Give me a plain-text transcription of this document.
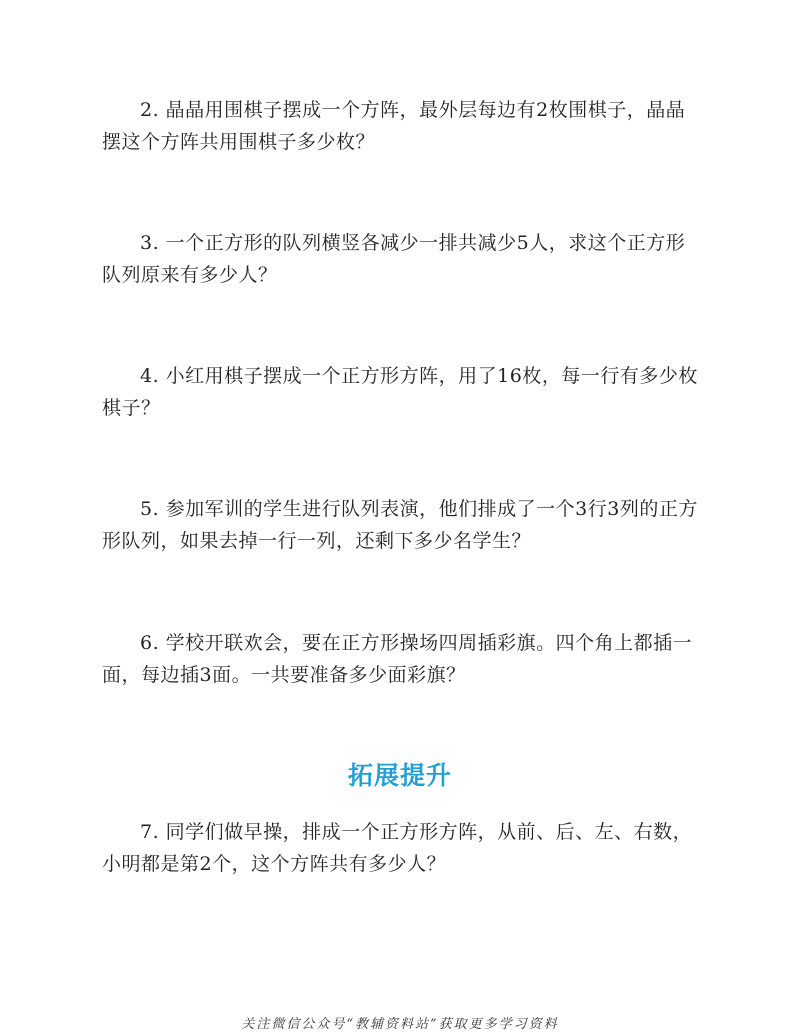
2. 晶晶用围棋子摆成一个方阵，最外层每边有2枚围棋子，晶晶摆这个方阵共用围棋子多少枚？

3. 一个正方形的队列横竖各减少一排共减少5人，求这个正方形队列原来有多少人？

4. 小红用棋子摆成一个正方形方阵，用了16枚，每一行有多少枚棋子？

5. 参加军训的学生进行队列表演，他们排成了一个3行3列的正方形队列，如果去掉一行一列，还剩下多少名学生？

6. 学校开联欢会，要在正方形操场四周插彩旗。四个角上都插一面，每边插3面。一共要准备多少面彩旗？

拓展提升

7. 同学们做早操，排成一个正方形方阵，从前、后、左、右数，小明都是第2个，这个方阵共有多少人？

关注微信公众号“教辅资料站”获取更多学习资料
